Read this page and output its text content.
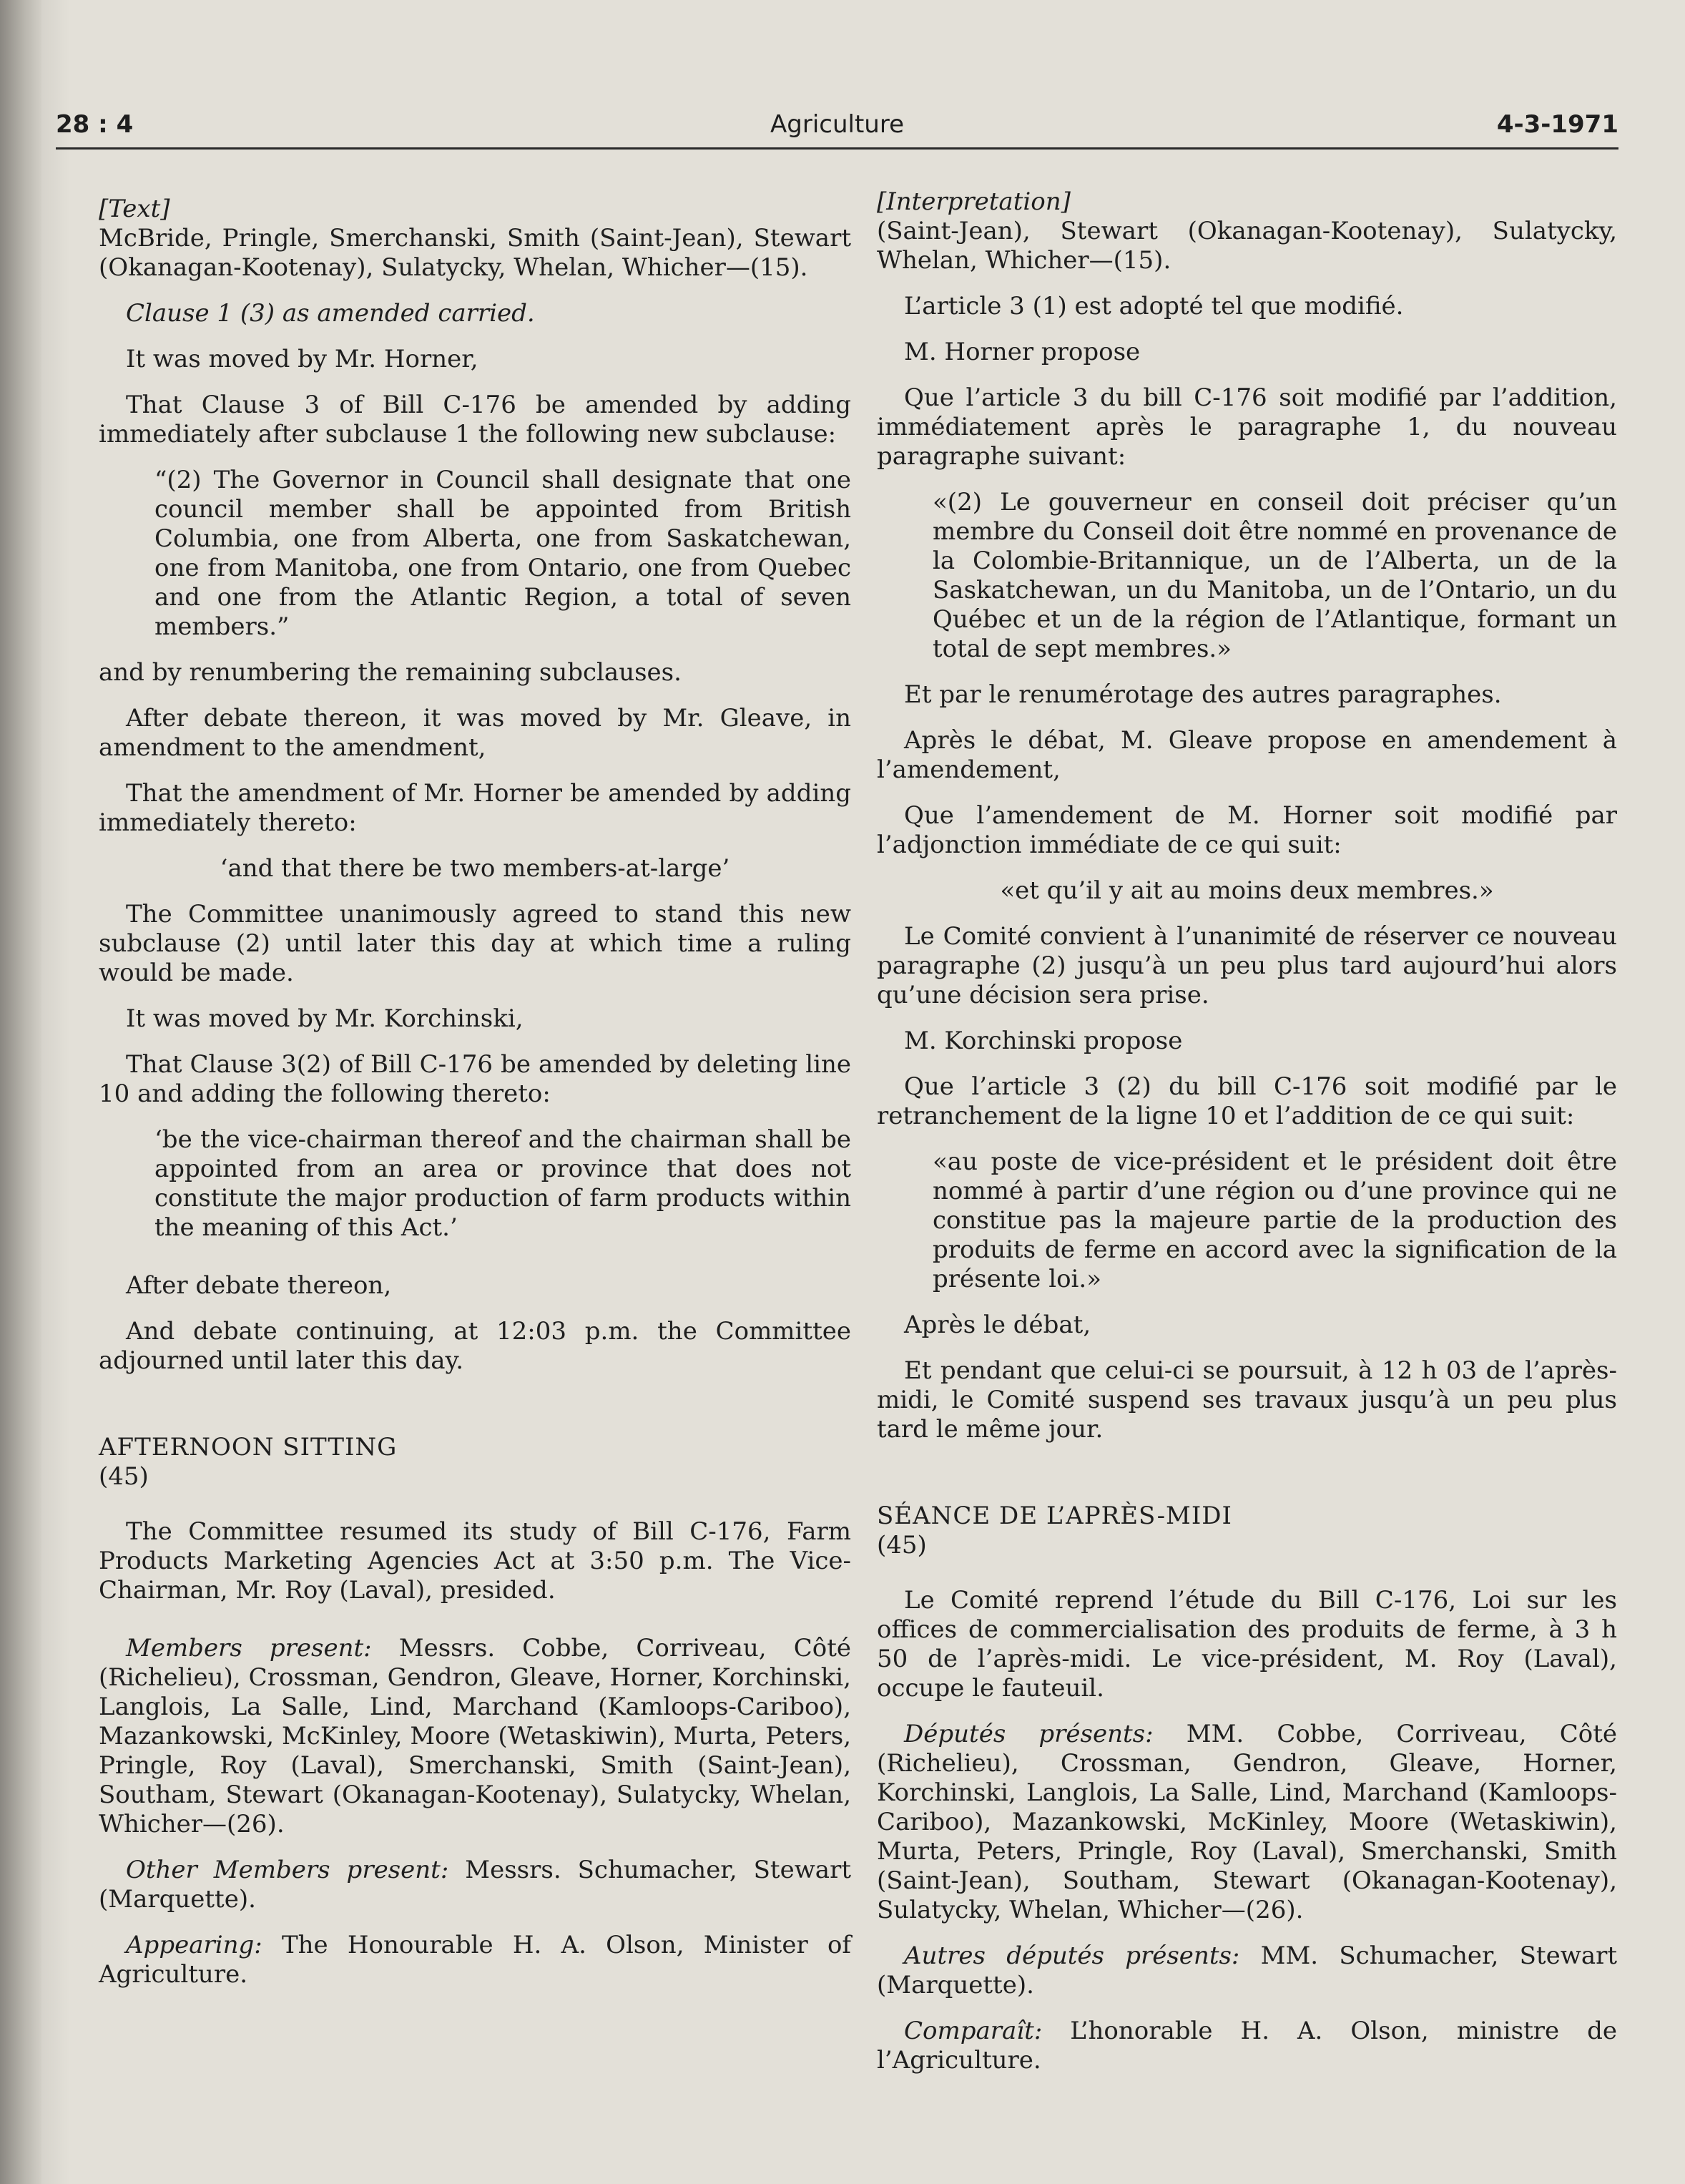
Agriculture
28 : 4	4-3-1971

[Text]

McBride, Pringle, Smerchanski, Smith (Saint-Jean), Stewart (Okanagan-Kootenay), Sulatycky, Whelan, Whicher—(15).

Clause 1 (3) as amended carried.

It was moved by Mr. Horner,

That Clause 3 of Bill C-176 be amended by adding immediately after subclause 1 the following new subclause:

“(2) The Governor in Council shall designate that one council member shall be appointed from British Columbia, one from Alberta, one from Saskatchewan, one from Manitoba, one from Ontario, one from Quebec and one from the Atlantic Region, a total of seven members.”

and by renumbering the remaining subclauses.

After debate thereon, it was moved by Mr. Gleave, in amendment to the amendment,

That the amendment of Mr. Horner be amended by adding immediately thereto:

‘and that there be two members-at-large’

The Committee unanimously agreed to stand this new subclause (2) until later this day at which time a ruling would be made.

It was moved by Mr. Korchinski,

That Clause 3(2) of Bill C-176 be amended by deleting line 10 and adding the following thereto:

‘be the vice-chairman thereof and the chairman shall be appointed from an area or province that does not constitute the major production of farm products within the meaning of this Act.’

After debate thereon,

And debate continuing, at 12:03 p.m. the Committee adjourned until later this day.

AFTERNOON SITTING

(45)

The Committee resumed its study of Bill C-176, Farm Products Marketing Agencies Act at 3:50 p.m. The Vice-Chairman, Mr. Roy (Laval), presided.

Members present: Messrs. Cobbe, Corriveau, Côté (Richelieu), Crossman, Gendron, Gleave, Horner, Korchinski, Langlois, La Salle, Lind, Marchand (Kamloops-Cariboo), Mazankowski, McKinley, Moore (Wetaskiwin), Murta, Peters, Pringle, Roy (Laval), Smerchanski, Smith (Saint-Jean), Southam, Stewart (Okanagan-Kootenay), Sulatycky, Whelan, Whicher—(26).

Other Members present: Messrs. Schumacher, Stewart (Marquette).

Appearing: The Honourable H. A. Olson, Minister of Agriculture.

[Interpretation]

(Saint-Jean), Stewart (Okanagan-Kootenay), Sulatycky, Whelan, Whicher—(15).

L’article 3 (1) est adopté tel que modifié.

M. Horner propose

Que l’article 3 du bill C-176 soit modifié par l’addition, immédiatement après le paragraphe 1, du nouveau paragraphe suivant:

«(2) Le gouverneur en conseil doit préciser qu’un membre du Conseil doit être nommé en provenance de la Colombie-Britannique, un de l’Alberta, un de la Saskatchewan, un du Manitoba, un de l’Ontario, un du Québec et un de la région de l’Atlantique, formant un total de sept membres.»

Et par le renumérotage des autres paragraphes.

Après le débat, M. Gleave propose en amendement à l’amendement,

Que l’amendement de M. Horner soit modifié par l’adjonction immédiate de ce qui suit:

«et qu’il y ait au moins deux membres.»

Le Comité convient à l’unanimité de réserver ce nouveau paragraphe (2) jusqu’à un peu plus tard aujourd’hui alors qu’une décision sera prise.

M. Korchinski propose

Que l’article 3 (2) du bill C-176 soit modifié par le retranchement de la ligne 10 et l’addition de ce qui suit:

«au poste de vice-président et le président doit être nommé à partir d’une région ou d’une province qui ne constitue pas la majeure partie de la production des produits de ferme en accord avec la signification de la présente loi.»

Après le débat,

Et pendant que celui-ci se poursuit, à 12 h 03 de l’après-midi, le Comité suspend ses travaux jusqu’à un peu plus tard le même jour.

SÉANCE DE L’APRÈS-MIDI

(45)

Le Comité reprend l’étude du Bill C-176, Loi sur les offices de commercialisation des produits de ferme, à 3 h 50 de l’après-midi. Le vice-président, M. Roy (Laval), occupe le fauteuil.

Députés présents: MM. Cobbe, Corriveau, Côté (Richelieu), Crossman, Gendron, Gleave, Horner, Korchinski, Langlois, La Salle, Lind, Marchand (Kamloops-Cariboo), Mazankowski, McKinley, Moore (Wetaskiwin), Murta, Peters, Pringle, Roy (Laval), Smerchanski, Smith (Saint-Jean), Southam, Stewart (Okanagan-Kootenay), Sulatycky, Whelan, Whicher—(26).

Autres députés présents: MM. Schumacher, Stewart (Marquette).

Comparaît: L’honorable H. A. Olson, ministre de l’Agriculture.
